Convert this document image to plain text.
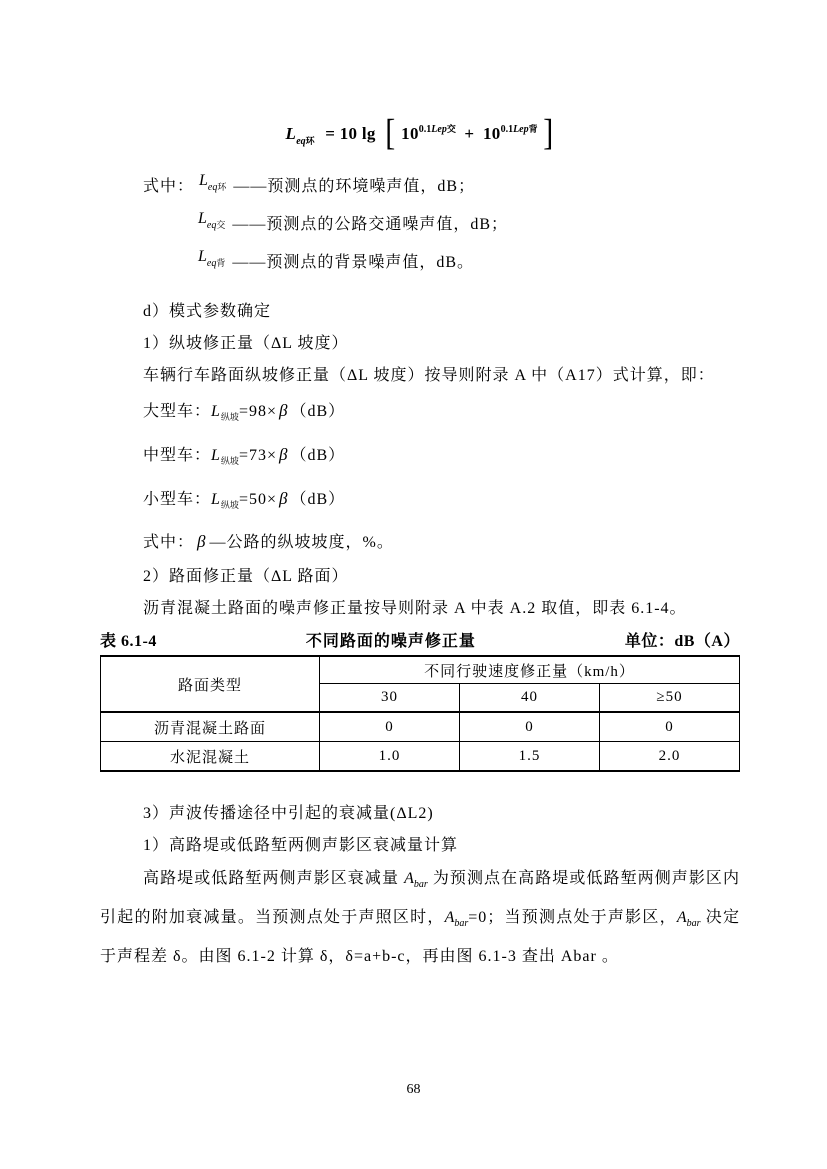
$L_{eq环} = 10$ lg [ $10^{0.1Lep交} + 10^{0.1Lep背}$ ]
式中： $L_{eq环}$ ——预测点的环境噪声值，dB；
$L_{eq交}$ ——预测点的公路交通噪声值，dB；
$L_{eq背}$ ——预测点的背景噪声值，dB。
d）模式参数确定
1）纵坡修正量（ΔL 坡度）
车辆行车路面纵坡修正量（ΔL 坡度）按导则附录 A 中（A17）式计算，即：
大型车：$L_{纵坡}=98\times \beta$ （dB）
中型车：$L_{纵坡}=73\times \beta$ （dB）
小型车：$L_{纵坡}=50\times \beta$ （dB）
式中： β —公路的纵坡坡度，%。
2）路面修正量（ΔL 路面）
沥青混凝土路面的噪声修正量按导则附录 A 中表 A.2 取值，即表 6.1-4。
表 6.1-4	不同路面的噪声修正量	单位：dB（A）
路面类型	不同行驶速度修正量（km/h）		
	30	40	≥50
沥青混凝土路面	0	0	0
水泥混凝土	1.0	1.5	2.0
3）声波传播途径中引起的衰减量(ΔL2)
1）高路堤或低路堑两侧声影区衰减量计算

高路堤或低路堑两侧声影区衰减量 $A_{bar}$ 为预测点在高路堤或低路堑两侧声影区内引起的附加衰减量。当预测点处于声照区时，$A_{bar}=0$；当预测点处于声影区，$A_{bar}$ 决定于声程差 δ。由图 6.1-2 计算 δ，δ=a+b-c，再由图 6.1-3 查出 Abar 。

68
